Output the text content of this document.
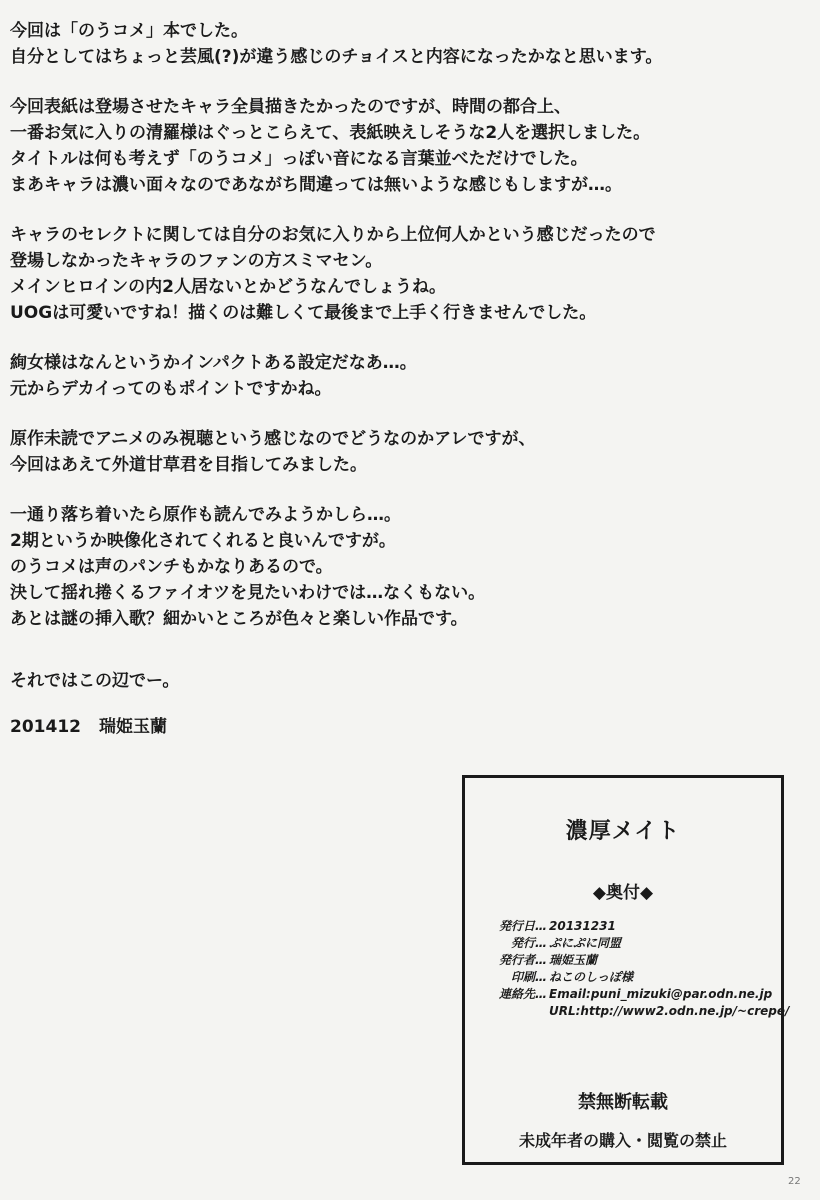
今回は「のうコメ」本でした。
自分としてはちょっと芸風(?)が違う感じのチョイスと内容になったかなと思います。
今回表紙は登場させたキャラ全員描きたかったのですが、時間の都合上、
一番お気に入りの清羅様はぐっとこらえて、表紙映えしそうな2人を選択しました。
タイトルは何も考えず「のうコメ」っぽい音になる言葉並べただけでした。
まあキャラは濃い面々なのであながち間違っては無いような感じもしますが…。
キャラのセレクトに関しては自分のお気に入りから上位何人かという感じだったので
登場しなかったキャラのファンの方スミマセン。
メインヒロインの内2人居ないとかどうなんでしょうね。
UOGは可愛いですね！描くのは難しくて最後まで上手く行きませんでした。
絢女様はなんというかインパクトある設定だなあ…。
元からデカイってのもポイントですかね。
原作未読でアニメのみ視聴という感じなのでどうなのかアレですが、
今回はあえて外道甘草君を目指してみました。
一通り落ち着いたら原作も読んでみようかしら…。
2期というか映像化されてくれると良いんですが。
のうコメは声のパンチもかなりあるので。
決して揺れ捲くるファイオツを見たいわけでは…なくもない。
あとは謎の挿入歌？細かいところが色々と楽しい作品です。
それではこの辺でー。
201412 瑞姫玉蘭
濃厚メイト
◆奥付◆
発行日… 20131231
発行… ぷにぷに同盟
発行者… 瑞姫玉蘭
印刷… ねこのしっぽ様
連絡先… Email:puni_mizuki@par.odn.ne.jp
URL:http://www2.odn.ne.jp/~crepe/
禁無断転載
未成年者の購入・閲覧の禁止
22
